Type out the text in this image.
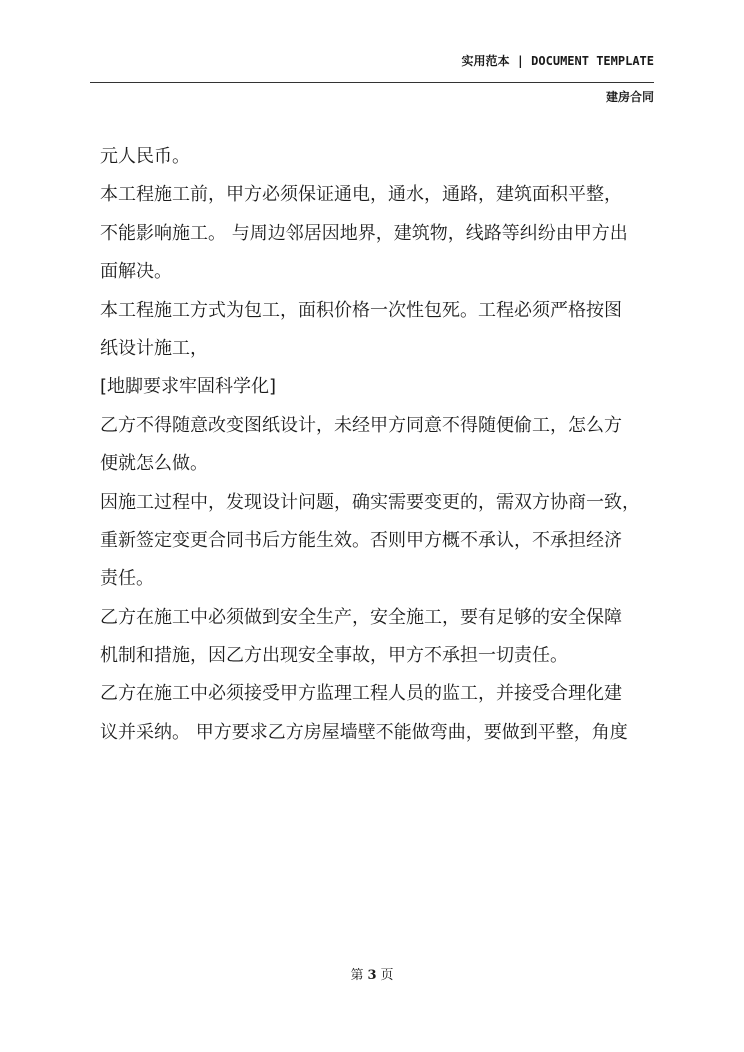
实用范本 | DOCUMENT TEMPLATE
建房合同
元人民币。
本工程施工前，甲方必须保证通电，通水，通路，建筑面积平整，
不能影响施工。 与周边邻居因地界，建筑物，线路等纠纷由甲方出
面解决。
本工程施工方式为包工，面积价格一次性包死。工程必须严格按图
纸设计施工，
[地脚要求牢固科学化]
乙方不得随意改变图纸设计，未经甲方同意不得随便偷工，怎么方
便就怎么做。
因施工过程中，发现设计问题，确实需要变更的，需双方协商一致，
重新签定变更合同书后方能生效。否则甲方概不承认，不承担经济
责任。
乙方在施工中必须做到安全生产，安全施工，要有足够的安全保障
机制和措施，因乙方出现安全事故，甲方不承担一切责任。
乙方在施工中必须接受甲方监理工程人员的监工，并接受合理化建
议并采纳。 甲方要求乙方房屋墙壁不能做弯曲，要做到平整，角度
第 3 页
